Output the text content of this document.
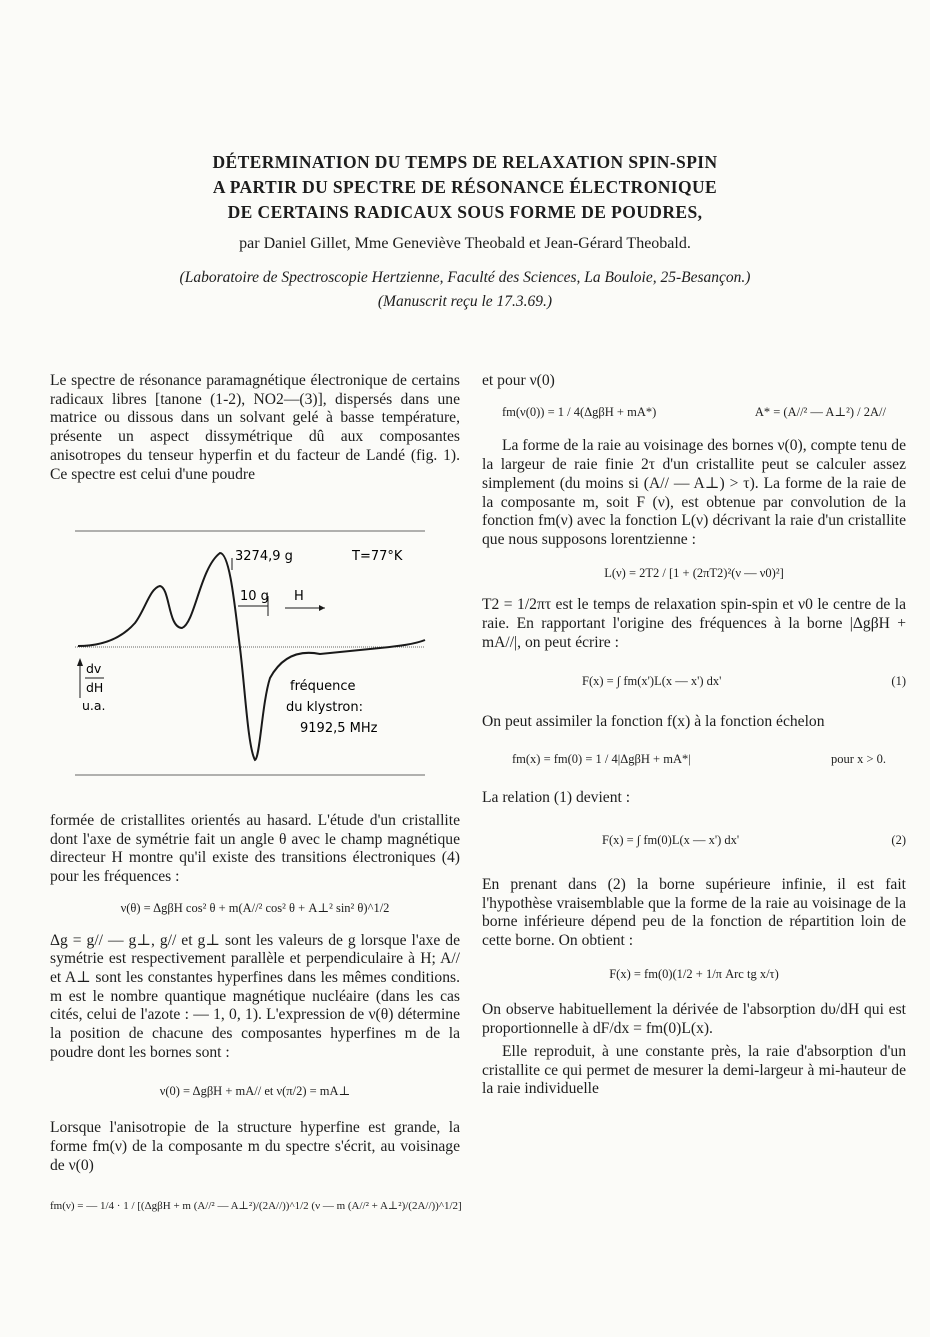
DÉTERMINATION DU TEMPS DE RELAXATION SPIN-SPIN
A PARTIR DU SPECTRE DE RÉSONANCE ÉLECTRONIQUE
DE CERTAINS RADICAUX SOUS FORME DE POUDRES,
par Daniel Gillet, Mme Geneviève Theobald et Jean-Gérard Theobald.
(Laboratoire de Spectroscopie Hertzienne, Faculté des Sciences, La Bouloie, 25-Besançon.)
(Manuscrit reçu le 17.3.69.)

Le spectre de résonance paramagnétique électronique de certains radicaux libres [tanone (1-2), NO2—(3)], dispersés dans une matrice ou dissous dans un solvant gelé à basse température, présente un aspect dissymétrique dû aux composantes anisotropes du tenseur hyperfin et du facteur de Landé (fig. 1). Ce spectre est celui d'une poudre

3274,9 g	T=77°K
10 g H
dv
dH
u.a.
fréquence
du klystron:
9192,5 MHz

formée de cristallites orientés au hasard. L'étude d'un cristallite dont l'axe de symétrie fait un angle θ avec le champ magnétique directeur H montre qu'il existe des transitions électroniques (4) pour les fréquences :

ν(θ) = ΔgβH cos² θ + m(A//² cos² θ + A⊥² sin² θ)^1/2

Δg = g// — g⊥, g// et g⊥ sont les valeurs de g lorsque l'axe de symétrie est respectivement parallèle et perpendiculaire à H; A// et A⊥ sont les constantes hyperfines dans les mêmes conditions. m est le nombre quantique magnétique nucléaire (dans les cas cités, celui de l'azote : — 1, 0, 1). L'expression de ν(θ) détermine la position de chacune des composantes hyperfines m de la poudre dont les bornes sont :

ν(0) = ΔgβH + mA// et ν(π/2) = mA⊥

Lorsque l'anisotropie de la structure hyperfine est grande, la forme fm(ν) de la composante m du spectre s'écrit, au voisinage de ν(0)

fm(ν) = — 1/4 · 1 / [(ΔgβH + m (A//² — A⊥²)/(2A//))^1/2 (ν — m (A//² + A⊥²)/(2A//))^1/2]

et pour ν(0)

fm(ν(0)) = 1 / 4(ΔgβH + mA*)	A* = (A//² — A⊥²) / 2A//

La forme de la raie au voisinage des bornes ν(0), compte tenu de la largeur de raie finie 2τ d'un cristallite peut se calculer assez simplement (du moins si (A// — A⊥) > τ). La forme de la raie de la composante m, soit F (ν), est obtenue par convolution de la fonction fm(ν) avec la fonction L(ν) décrivant la raie d'un cristallite que nous supposons lorentzienne :

L(ν) = 2T2 / [1 + (2πT2)²(ν — ν0)²]

T2 = 1/2πτ est le temps de relaxation spin-spin et ν0 le centre de la raie. En rapportant l'origine des fréquences à la borne |ΔgβH + mA//|, on peut écrire :

F(x) = ∫ fm(x')L(x — x') dx'	(1)

On peut assimiler la fonction f(x) à la fonction échelon

fm(x) = fm(0) = 1 / 4|ΔgβH + mA*|	pour x > 0.

La relation (1) devient :

F(x) = ∫ fm(0)L(x — x') dx'	(2)

En prenant dans (2) la borne supérieure infinie, il est fait l'hypothèse vraisemblable que la forme de la raie au voisinage de la borne inférieure dépend peu de la fonction de répartition loin de cette borne. On obtient :

F(x) = fm(0)(1/2 + 1/π Arc tg x/τ)

On observe habituellement la dérivée de l'absorption dυ/dH qui est proportionnelle à dF/dx = fm(0)L(x).

Elle reproduit, à une constante près, la raie d'absorption d'un cristallite ce qui permet de mesurer la demi-largeur à mi-hauteur de la raie individuelle
